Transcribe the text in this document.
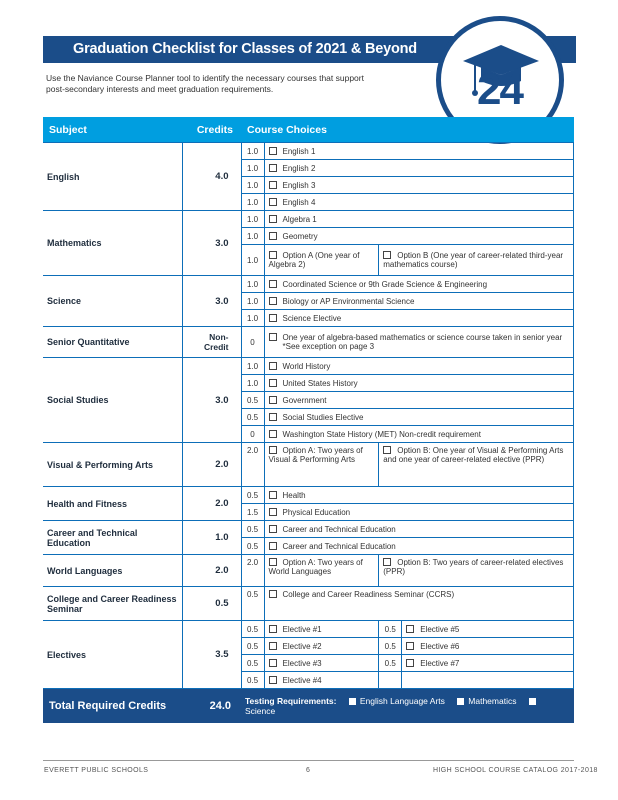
Graduation Checklist for Classes of 2021 & Beyond
24
Use the Naviance Course Planner tool to identify the necessary courses that support post-secondary interests and meet graduation requirements.
Subject	Credits	Course Choices			
English	4.0	1.0	English 1		
		1.0	English 2		
		1.0	English 3		
		1.0	English 4		
Mathematics	3.0	1.0	Algebra 1		
		1.0	Geometry		
		1.0	Option A (One year of Algebra 2)	Option B (One year of career-related third-year mathematics course)	
Science	3.0	1.0	Coordinated Science or 9th Grade Science & Engineering		
		1.0	Biology or AP Environmental Science		
		1.0	Science Elective		
Senior Quantitative	Non-Credit	0	One year of algebra-based mathematics or science course taken in senior year
*See exception on page 3		
Social Studies	3.0	1.0	World History		
		1.0	United States History		
		0.5	Government		
		0.5	Social Studies Elective		
		0	Washington State History (MET) Non-credit requirement		
Visual & Performing Arts	2.0	2.0	Option A: Two years of Visual & Performing Arts	Option B: One year of Visual & Performing Arts and one year of career-related elective (PPR)	
Health and Fitness	2.0	0.5	Health		
		1.5	Physical Education		
Career and Technical Education	1.0	0.5	Career and Technical Education		
		0.5	Career and Technical Education		
World Languages	2.0	2.0	Option A: Two years of World Languages	Option B: Two years of career-related electives (PPR)	
College and Career Readiness Seminar	0.5	0.5	College and Career Readiness Seminar (CCRS)		
Electives	3.5	0.5	Elective #1	0.5	Elective #5
		0.5	Elective #2	0.5	Elective #6
		0.5	Elective #3	0.5	Elective #7
		0.5	Elective #4		
Total Required Credits	24.0	Testing Requirements: English Language Arts Mathematics Science			
EVERETT PUBLIC SCHOOLS	6	HIGH SCHOOL COURSE CATALOG 2017-2018
